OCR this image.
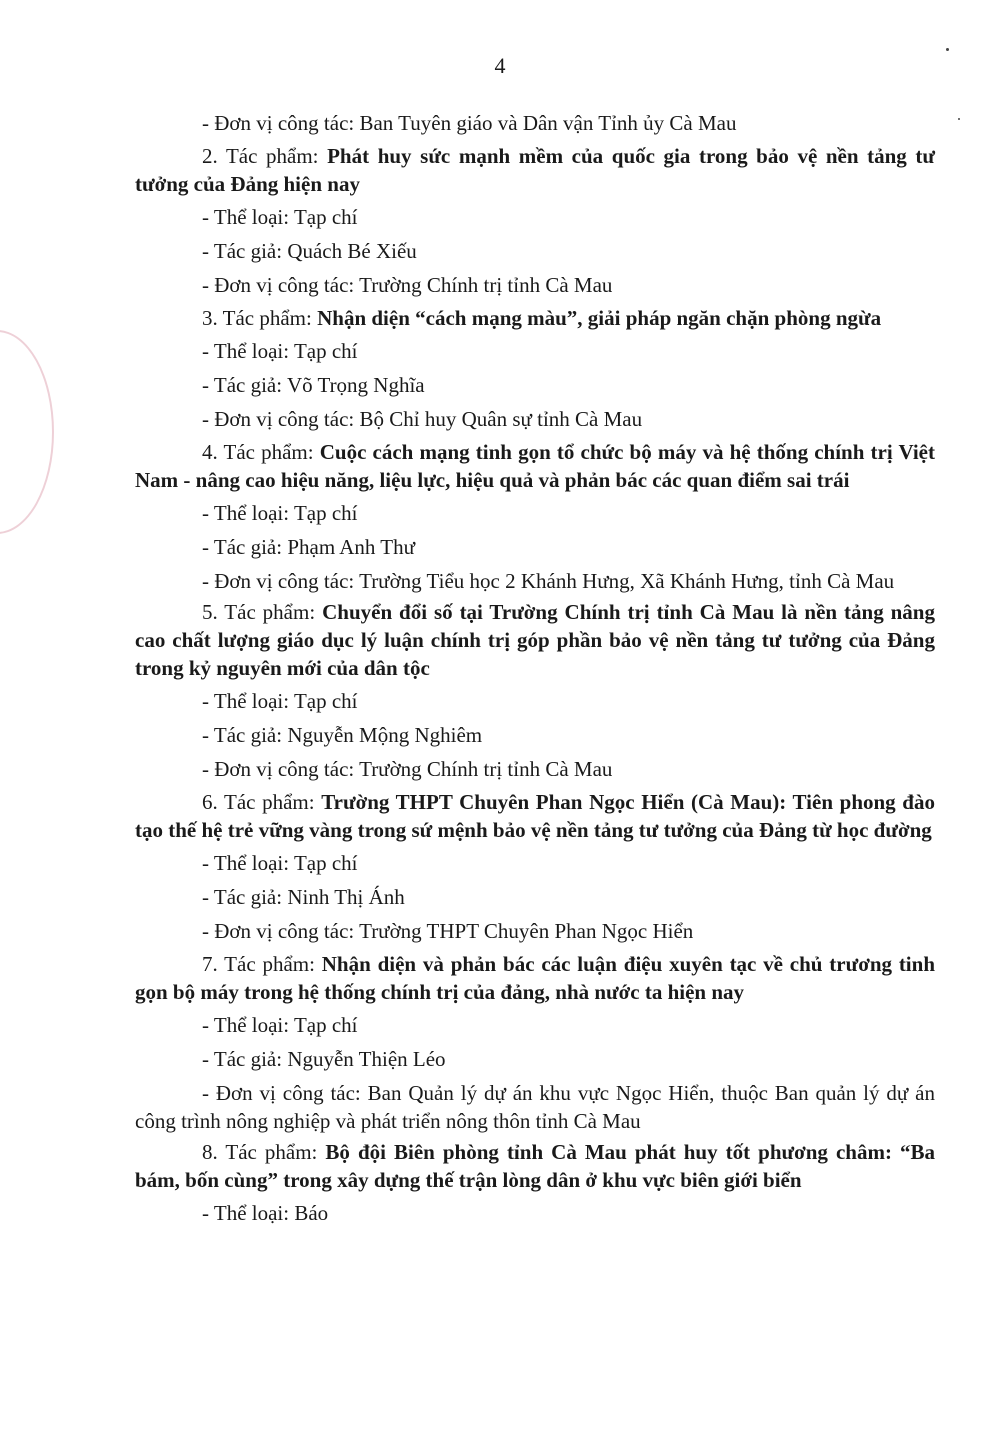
4

- Đơn vị công tác: Ban Tuyên giáo và Dân vận Tỉnh ủy Cà Mau

2. Tác phẩm: Phát huy sức mạnh mềm của quốc gia trong bảo vệ nền tảng tư tưởng của Đảng hiện nay

- Thể loại: Tạp chí

- Tác giả: Quách Bé Xiếu

- Đơn vị công tác: Trường Chính trị tỉnh Cà Mau

3. Tác phẩm: Nhận diện “cách mạng màu”, giải pháp ngăn chặn phòng ngừa

- Thể loại: Tạp chí

- Tác giả: Võ Trọng Nghĩa

- Đơn vị công tác: Bộ Chỉ huy Quân sự tỉnh Cà Mau

4. Tác phẩm: Cuộc cách mạng tinh gọn tổ chức bộ máy và hệ thống chính trị Việt Nam - nâng cao hiệu năng, liệu lực, hiệu quả và phản bác các quan điểm sai trái

- Thể loại: Tạp chí

- Tác giả: Phạm Anh Thư

- Đơn vị công tác: Trường Tiểu học 2 Khánh Hưng, Xã Khánh Hưng, tỉnh Cà Mau

5. Tác phẩm: Chuyển đổi số tại Trường Chính trị tỉnh Cà Mau là nền tảng nâng cao chất lượng giáo dục lý luận chính trị góp phần bảo vệ nền tảng tư tưởng của Đảng trong kỷ nguyên mới của dân tộc

- Thể loại: Tạp chí

- Tác giả: Nguyễn Mộng Nghiêm

- Đơn vị công tác: Trường Chính trị tỉnh Cà Mau

6. Tác phẩm: Trường THPT Chuyên Phan Ngọc Hiển (Cà Mau): Tiên phong đào tạo thế hệ trẻ vững vàng trong sứ mệnh bảo vệ nền tảng tư tưởng của Đảng từ học đường

- Thể loại: Tạp chí

- Tác giả: Ninh Thị Ánh

- Đơn vị công tác: Trường THPT Chuyên Phan Ngọc Hiển

7. Tác phẩm: Nhận diện và phản bác các luận điệu xuyên tạc về chủ trương tinh gọn bộ máy trong hệ thống chính trị của đảng, nhà nước ta hiện nay

- Thể loại: Tạp chí

- Tác giả: Nguyễn Thiện Léo

- Đơn vị công tác: Ban Quản lý dự án khu vực Ngọc Hiển, thuộc Ban quản lý dự án công trình nông nghiệp và phát triển nông thôn tỉnh Cà Mau

8. Tác phẩm: Bộ đội Biên phòng tỉnh Cà Mau phát huy tốt phương châm: “Ba bám, bốn cùng” trong xây dựng thế trận lòng dân ở khu vực biên giới biển

- Thể loại: Báo
